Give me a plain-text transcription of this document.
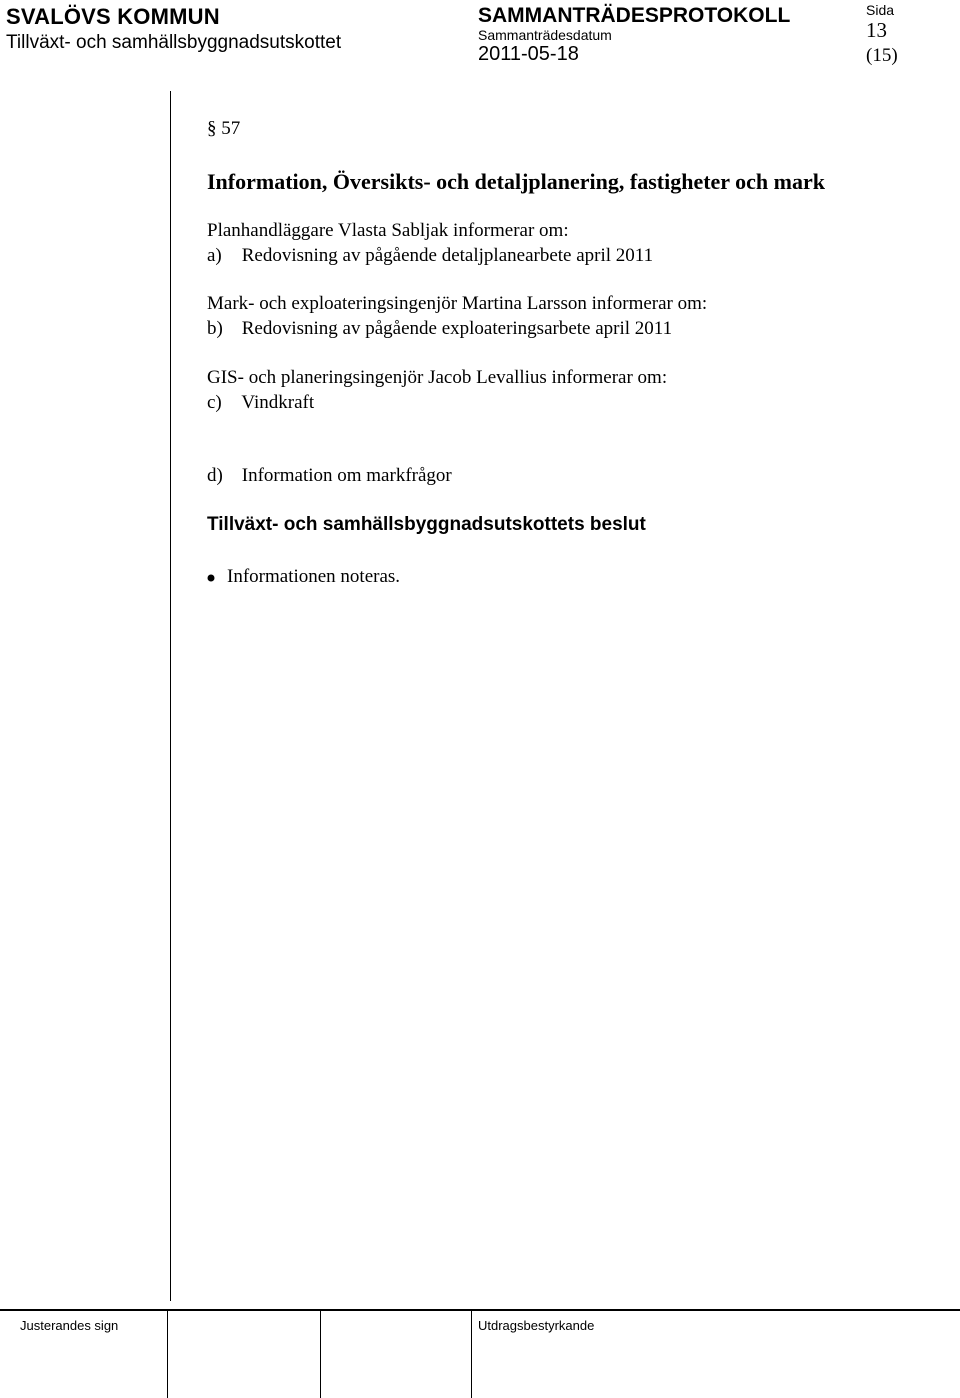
SVALÖVS KOMMUN
Tillväxt- och samhällsbyggnadsutskottet
SAMMANTRÄDESPROTOKOLL
Sammanträdesdatum
2011-05-18
Sida
13
(15)
§ 57
Information, Översikts- och detaljplanering, fastigheter och mark
Planhandläggare Vlasta Sabljak informerar om:
a) Redovisning av pågående detaljplanearbete april 2011
Mark- och exploateringsingenjör Martina Larsson informerar om:
b) Redovisning av pågående exploateringsarbete april 2011
GIS- och planeringsingenjör Jacob Levallius informerar om:
c) Vindkraft
d) Information om markfrågor
Tillväxt- och samhällsbyggnadsutskottets beslut
Informationen noteras.
Justerandes sign	Utdragsbestyrkande
